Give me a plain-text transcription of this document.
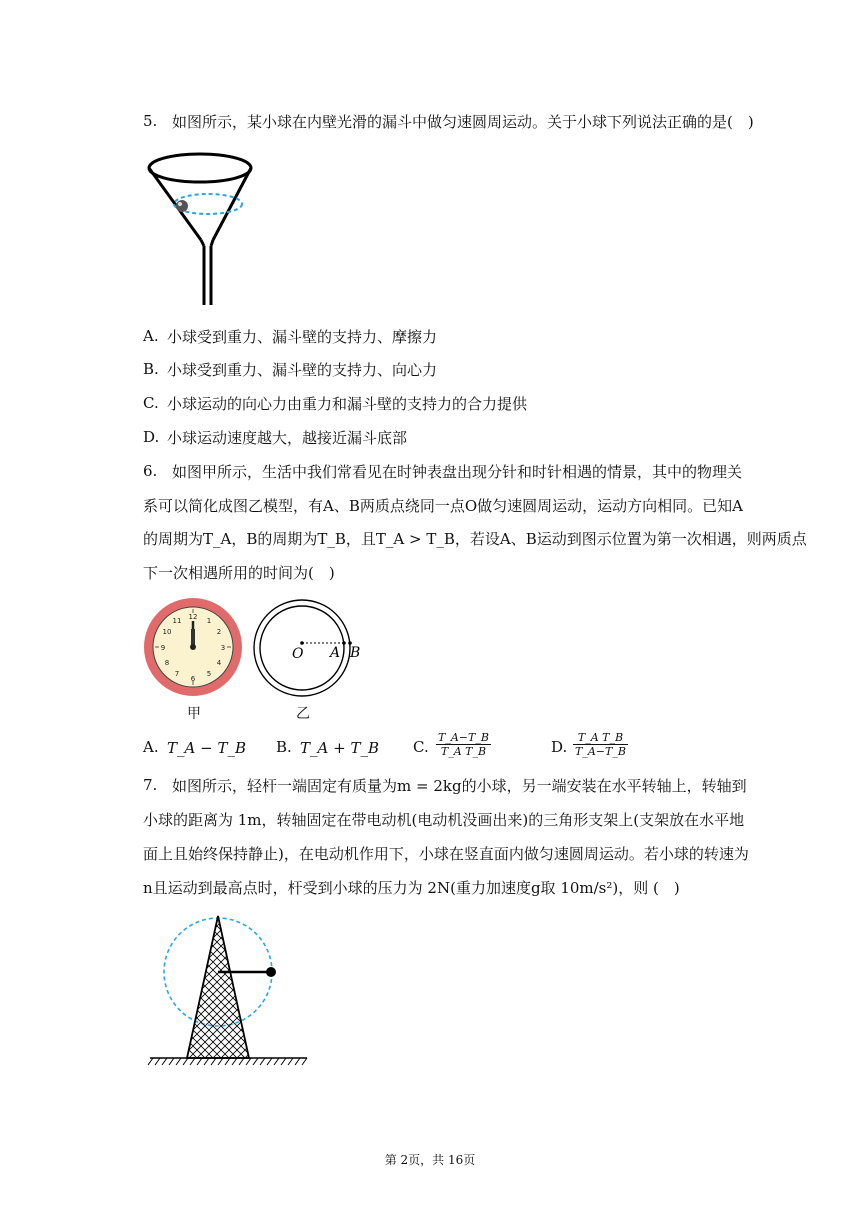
5. 如图所示，某小球在内壁光滑的漏斗中做匀速圆周运动。关于小球下列说法正确的是(　)
A. 小球受到重力、漏斗壁的支持力、摩擦力
B. 小球受到重力、漏斗壁的支持力、向心力
C. 小球运动的向心力由重力和漏斗壁的支持力的合力提供
D. 小球运动速度越大，越接近漏斗底部
6. 如图甲所示，生活中我们常看见在时钟表盘出现分针和时针相遇的情景，其中的物理关
系可以简化成图乙模型，有A、B两质点绕同一点O做匀速圆周运动，运动方向相同。已知A
的周期为T_A，B的周期为T_B，且T_A > T_B，若设A、B运动到图示位置为第一次相遇，则两质点
下一次相遇所用的时间为(　)
12 1
2
3
4
5
6
7
8
9
10
11
O A B
甲	乙
A. T_A − T_B B. T_A + T_B C. $\frac{T\_A-T\_B}{\text{T\_A T\_B}}$	D. $\frac{\text{T\_A T\_B}}{T\_A-T\_B}$
7. 如图所示，轻杆一端固定有质量为m = 2kg的小球，另一端安装在水平转轴上，转轴到
小球的距离为 1m，转轴固定在带电动机(电动机没画出来)的三角形支架上(支架放在水平地
面上且始终保持静止)，在电动机作用下，小球在竖直面内做匀速圆周运动。若小球的转速为
n且运动到最高点时，杆受到小球的压力为 2N(重力加速度g取 10m/s²)，则 (　)
第 2页，共 16页
